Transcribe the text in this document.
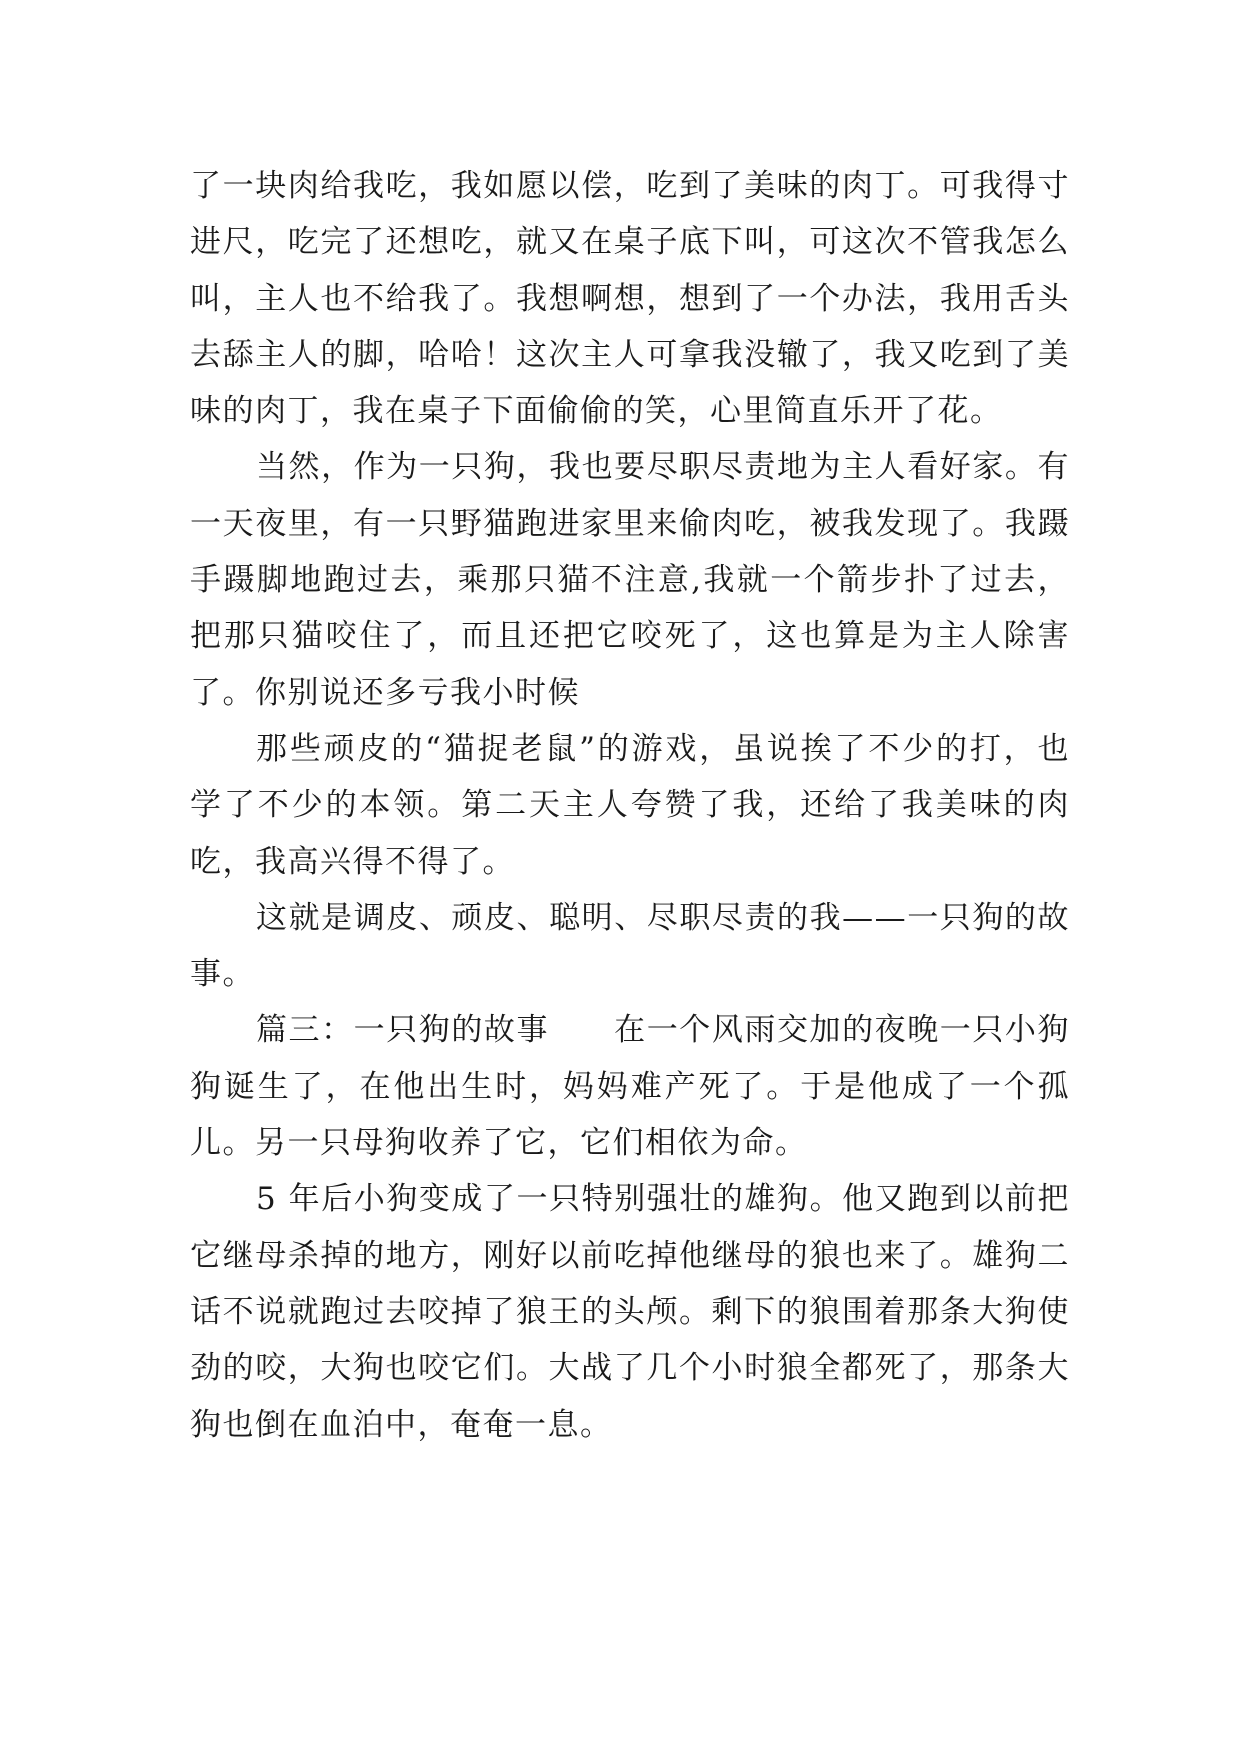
了一块肉给我吃，我如愿以偿，吃到了美味的肉丁。可我得寸进尺，吃完了还想吃，就又在桌子底下叫，可这次不管我怎么叫，主人也不给我了。我想啊想，想到了一个办法，我用舌头去舔主人的脚，哈哈！这次主人可拿我没辙了，我又吃到了美味的肉丁，我在桌子下面偷偷的笑，心里简直乐开了花。

当然，作为一只狗，我也要尽职尽责地为主人看好家。有一天夜里，有一只野猫跑进家里来偷肉吃，被我发现了。我蹑手蹑脚地跑过去，乘那只猫不注意,我就一个箭步扑了过去，把那只猫咬住了，而且还把它咬死了，这也算是为主人除害了。你别说还多亏我小时候

那些顽皮的“猫捉老鼠”的游戏，虽说挨了不少的打，也学了不少的本领。第二天主人夸赞了我，还给了我美味的肉吃，我高兴得不得了。

这就是调皮、顽皮、聪明、尽职尽责的我——一只狗的故事。

篇三：一只狗的故事　　在一个风雨交加的夜晚一只小狗狗诞生了，在他出生时，妈妈难产死了。于是他成了一个孤儿。另一只母狗收养了它，它们相依为命。

5 年后小狗变成了一只特别强壮的雄狗。他又跑到以前把它继母杀掉的地方，刚好以前吃掉他继母的狼也来了。雄狗二话不说就跑过去咬掉了狼王的头颅。剩下的狼围着那条大狗使劲的咬，大狗也咬它们。大战了几个小时狼全都死了，那条大狗也倒在血泊中，奄奄一息。
